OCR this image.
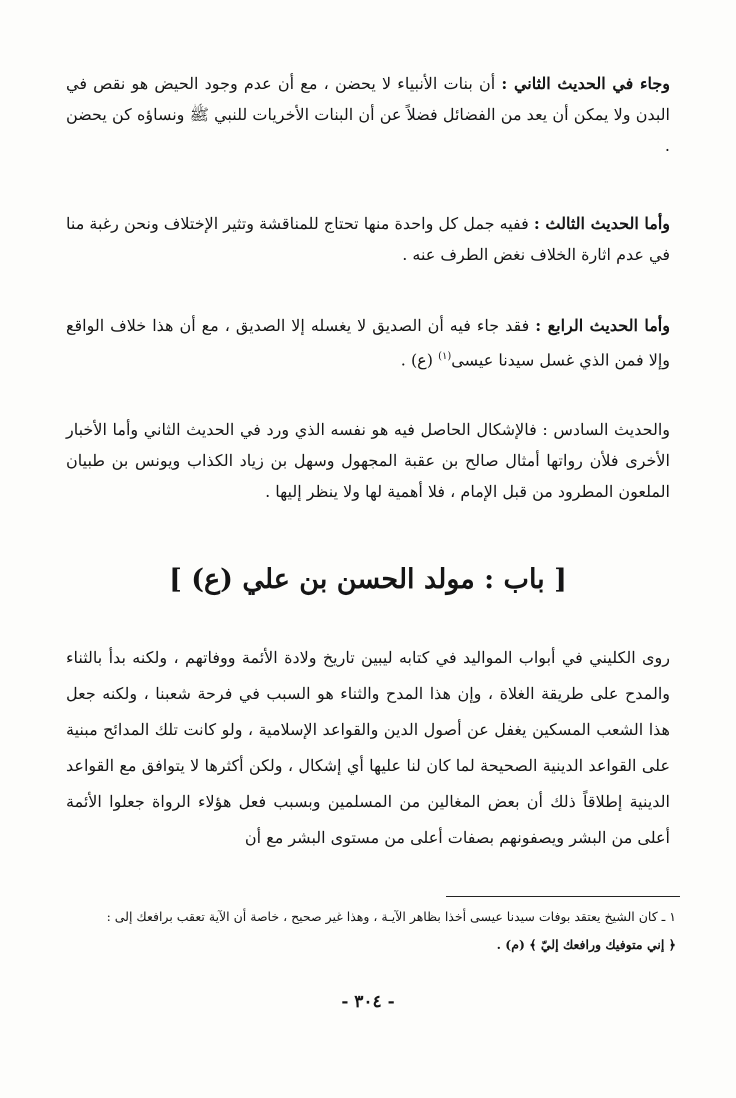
وجاء في الحديث الثاني : أن بنات الأنبياء لا يحضن ، مع أن عدم وجود الحيض هو نقص في البدن ولا يمكن أن يعد من الفضائل فضلاً عن أن البنات الأخريات للنبي ﷺ ونساؤه كن يحضن .

وأما الحديث الثالث : ففيه جمل كل واحدة منها تحتاج للمناقشة وتثير الإختلاف ونحن رغبة منا في عدم اثارة الخلاف نغض الطرف عنه .

وأما الحديث الرابع : فقد جاء فيه أن الصديق لا يغسله إلا الصديق ، مع أن هذا خلاف الواقع وإلا فمن الذي غسل سيدنا عيسى$^{(١)}$ (ع) .

والحديث السادس : فالإشكال الحاصل فيه هو نفسه الذي ورد في الحديث الثاني وأما الأخبار الأخرى فلأن رواتها أمثال صالح بن عقبة المجهول وسهل بن زياد الكذاب ويونس بن طبيان الملعون المطرود من قبل الإمام ، فلا أهمية لها ولا ينظر إليها .

[ باب : مولد الحسن بن علي (ع) ]

روى الكليني في أبواب المواليد في كتابه ليبين تاريخ ولادة الأئمة ووفاتهم ، ولكنه بدأ بالثناء والمدح على طريقة الغلاة ، وإن هذا المدح والثناء هو السبب في فرحة شعبنا ، ولكنه جعل هذا الشعب المسكين يغفل عن أصول الدين والقواعد الإسلامية ، ولو كانت تلك المدائح مبنية على القواعد الدينية الصحيحة لما كان لنا عليها أي إشكال ، ولكن أكثرها لا يتوافق مع القواعد الدينية إطلاقاً ذلك أن بعض المغالين من المسلمين وبسبب فعل هؤلاء الرواة جعلوا الأئمة أعلى من البشر ويصفونهم بصفات أعلى من مستوى البشر مع أن

١ ـ كان الشيخ يعتقد بوفات سيدنا عيسى أخذا بظاهر الآيـة ، وهذا غير صحيح ، خاصة أن الآية تعقب برافعك إلى :
﴿ إني متوفيك ورافعك إليّ ﴾ (م) .
- ٣٠٤ -
